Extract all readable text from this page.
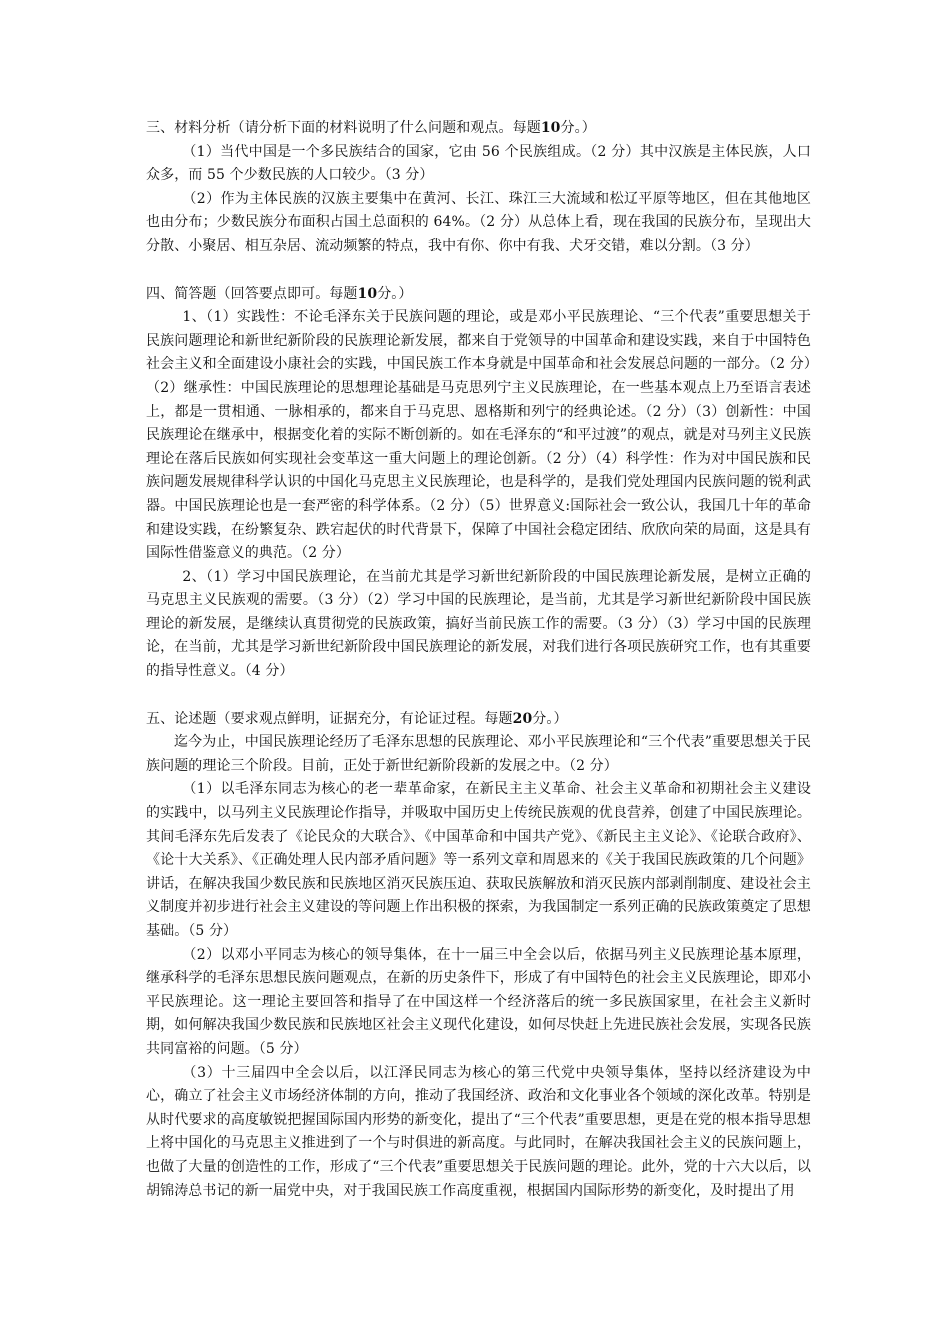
三、材料分析（请分析下面的材料说明了什么问题和观点。每题10分。）

（1）当代中国是一个多民族结合的国家，它由 56 个民族组成。（2 分）其中汉族是主体民族，人口众多，而 55 个少数民族的人口较少。（3 分）

（2）作为主体民族的汉族主要集中在黄河、长江、珠江三大流域和松辽平原等地区，但在其他地区也由分布；少数民族分布面积占国土总面积的 64%。（2 分）从总体上看，现在我国的民族分布，呈现出大分散、小聚居、相互杂居、流动频繁的特点，我中有你、你中有我、犬牙交错，难以分割。（3 分）

四、简答题（回答要点即可。每题10分。）

1、（1）实践性：不论毛泽东关于民族问题的理论，或是邓小平民族理论、“三个代表”重要思想关于民族问题理论和新世纪新阶段的民族理论新发展，都来自于党领导的中国革命和建设实践，来自于中国特色社会主义和全面建设小康社会的实践，中国民族工作本身就是中国革命和社会发展总问题的一部分。（2 分）（2）继承性：中国民族理论的思想理论基础是马克思列宁主义民族理论，在一些基本观点上乃至语言表述上，都是一贯相通、一脉相承的，都来自于马克思、恩格斯和列宁的经典论述。（2 分）（3）创新性：中国民族理论在继承中，根据变化着的实际不断创新的。如在毛泽东的“和平过渡”的观点，就是对马列主义民族理论在落后民族如何实现社会变革这一重大问题上的理论创新。（2 分）（4）科学性：作为对中国民族和民族问题发展规律科学认识的中国化马克思主义民族理论，也是科学的，是我们党处理国内民族问题的锐利武器。中国民族理论也是一套严密的科学体系。（2 分）（5）世界意义:国际社会一致公认，我国几十年的革命和建设实践，在纷繁复杂、跌宕起伏的时代背景下，保障了中国社会稳定团结、欣欣向荣的局面，这是具有国际性借鉴意义的典范。（2 分）

2、（1）学习中国民族理论，在当前尤其是学习新世纪新阶段的中国民族理论新发展，是树立正确的马克思主义民族观的需要。（3 分）（2）学习中国的民族理论，是当前，尤其是学习新世纪新阶段中国民族理论的新发展，是继续认真贯彻党的民族政策，搞好当前民族工作的需要。（3 分）（3）学习中国的民族理论，在当前，尤其是学习新世纪新阶段中国民族理论的新发展，对我们进行各项民族研究工作，也有其重要的指导性意义。（4 分）

五、论述题（要求观点鲜明，证据充分，有论证过程。每题20分。）

迄今为止，中国民族理论经历了毛泽东思想的民族理论、邓小平民族理论和“三个代表”重要思想关于民族问题的理论三个阶段。目前，正处于新世纪新阶段新的发展之中。（2 分）

（1）以毛泽东同志为核心的老一辈革命家，在新民主主义革命、社会主义革命和初期社会主义建设的实践中，以马列主义民族理论作指导，并吸取中国历史上传统民族观的优良营养，创建了中国民族理论。其间毛泽东先后发表了《论民众的大联合》、《中国革命和中国共产党》、《新民主主义论》、《论联合政府》、《论十大关系》、《正确处理人民内部矛盾问题》等一系列文章和周恩来的《关于我国民族政策的几个问题》讲话，在解决我国少数民族和民族地区消灭民族压迫、获取民族解放和消灭民族内部剥削制度、建设社会主义制度并初步进行社会主义建设的等问题上作出积极的探索，为我国制定一系列正确的民族政策奠定了思想基础。（5 分）

（2）以邓小平同志为核心的领导集体，在十一届三中全会以后，依据马列主义民族理论基本原理，继承科学的毛泽东思想民族问题观点，在新的历史条件下，形成了有中国特色的社会主义民族理论，即邓小平民族理论。这一理论主要回答和指导了在中国这样一个经济落后的统一多民族国家里，在社会主义新时期，如何解决我国少数民族和民族地区社会主义现代化建设，如何尽快赶上先进民族社会发展，实现各民族共同富裕的问题。（5 分）

（3）十三届四中全会以后，以江泽民同志为核心的第三代党中央领导集体，坚持以经济建设为中心，确立了社会主义市场经济体制的方向，推动了我国经济、政治和文化事业各个领域的深化改革。特别是从时代要求的高度敏锐把握国际国内形势的新变化，提出了“三个代表”重要思想，更是在党的根本指导思想上将中国化的马克思主义推进到了一个与时俱进的新高度。与此同时，在解决我国社会主义的民族问题上，也做了大量的创造性的工作，形成了“三个代表”重要思想关于民族问题的理论。此外，党的十六大以后，以胡锦涛总书记的新一届党中央，对于我国民族工作高度重视，根据国内国际形势的新变化，及时提出了用
